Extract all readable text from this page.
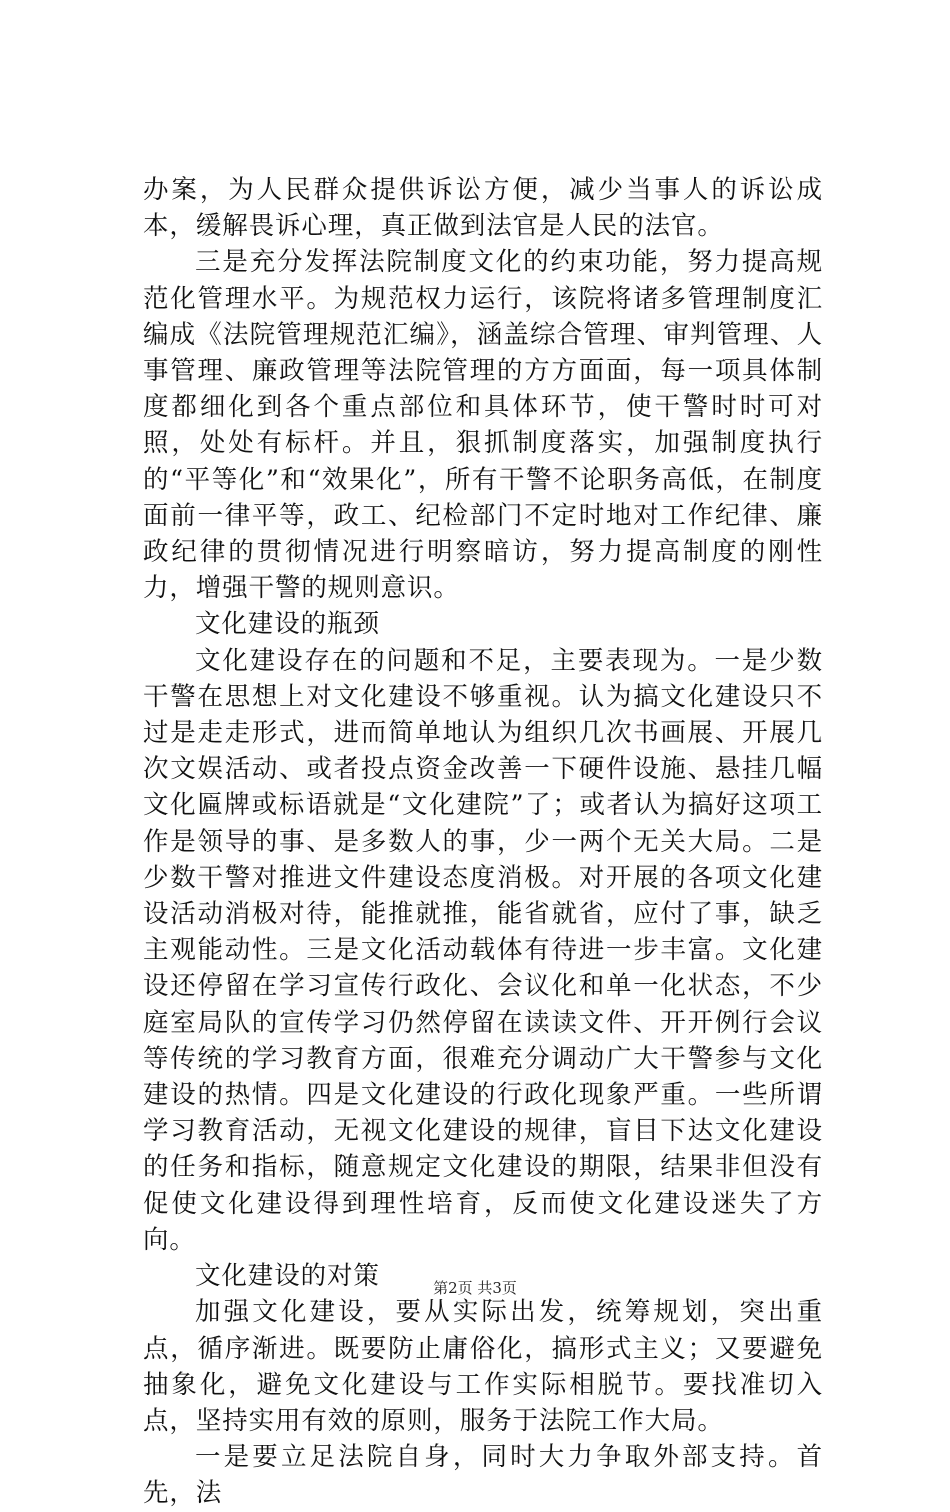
办案，为人民群众提供诉讼方便，减少当事人的诉讼成本，缓解畏诉心理，真正做到法官是人民的法官。

三是充分发挥法院制度文化的约束功能，努力提高规范化管理水平。为规范权力运行，该院将诸多管理制度汇编成《法院管理规范汇编》，涵盖综合管理、审判管理、人事管理、廉政管理等法院管理的方方面面，每一项具体制度都细化到各个重点部位和具体环节，使干警时时可对照，处处有标杆。并且，狠抓制度落实，加强制度执行的“平等化”和“效果化”，所有干警不论职务高低，在制度面前一律平等，政工、纪检部门不定时地对工作纪律、廉政纪律的贯彻情况进行明察暗访，努力提高制度的刚性力，增强干警的规则意识。

文化建设的瓶颈

文化建设存在的问题和不足，主要表现为。一是少数干警在思想上对文化建设不够重视。认为搞文化建设只不过是走走形式，进而简单地认为组织几次书画展、开展几次文娱活动、或者投点资金改善一下硬件设施、悬挂几幅文化匾牌或标语就是“文化建院”了；或者认为搞好这项工作是领导的事、是多数人的事，少一两个无关大局。二是少数干警对推进文件建设态度消极。对开展的各项文化建设活动消极对待，能推就推，能省就省，应付了事，缺乏主观能动性。三是文化活动载体有待进一步丰富。文化建设还停留在学习宣传行政化、会议化和单一化状态，不少庭室局队的宣传学习仍然停留在读读文件、开开例行会议等传统的学习教育方面，很难充分调动广大干警参与文化建设的热情。四是文化建设的行政化现象严重。一些所谓学习教育活动，无视文化建设的规律，盲目下达文化建设的任务和指标，随意规定文化建设的期限，结果非但没有促使文化建设得到理性培育，反而使文化建设迷失了方向。

文化建设的对策

加强文化建设，要从实际出发，统筹规划，突出重点，循序渐进。既要防止庸俗化，搞形式主义；又要避免抽象化，避免文化建设与工作实际相脱节。要找准切入点，坚持实用有效的原则，服务于法院工作大局。

一是要立足法院自身，同时大力争取外部支持。首先，法

第2页 共3页
